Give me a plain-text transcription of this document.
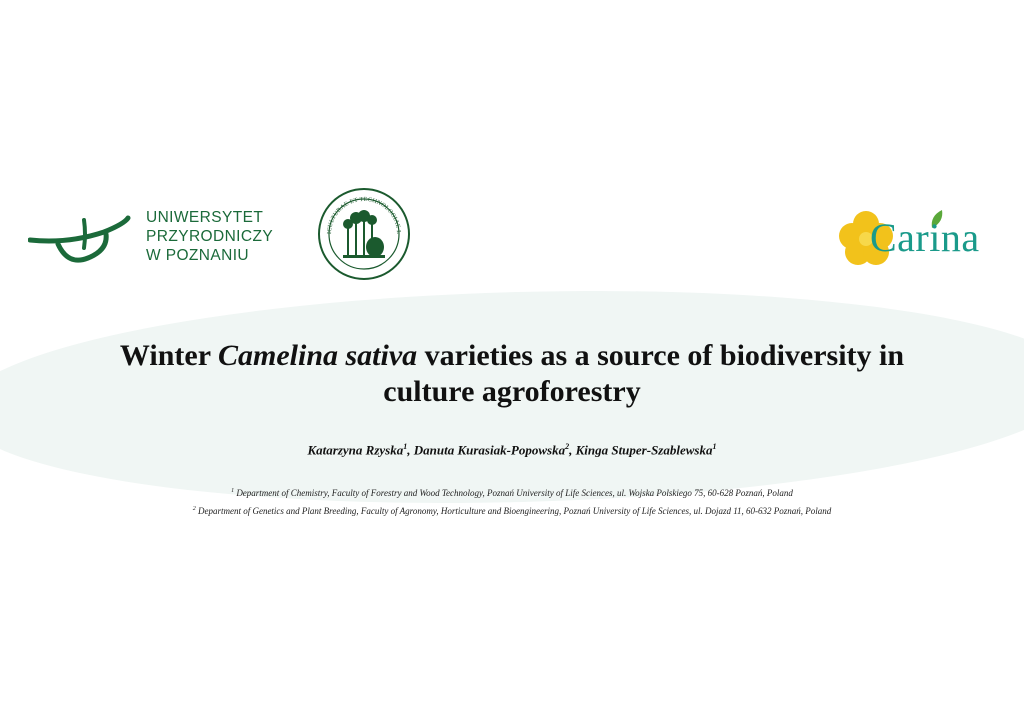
UNIWERSYTET
PRZYRODNICZY
W POZNANIU
ICULTURAE ET TECHNOLOGIAE L	Carina
Winter Camelina sativa varieties as a source of biodiversity in
culture agroforestry
Katarzyna Rzyska$^1$, Danuta Kurasiak-Popowska$^2$, Kinga Stuper-Szablewska$^1$
$^1$ Department of Chemistry, Faculty of Forestry and Wood Technology, Poznań University of Life Sciences, ul. Wojska Polskiego 75, 60-628 Poznań, Poland
$^2$ Department of Genetics and Plant Breeding, Faculty of Agronomy, Horticulture and Bioengineering, Poznań University of Life Sciences, ul. Dojazd 11, 60-632 Poznań, Poland
